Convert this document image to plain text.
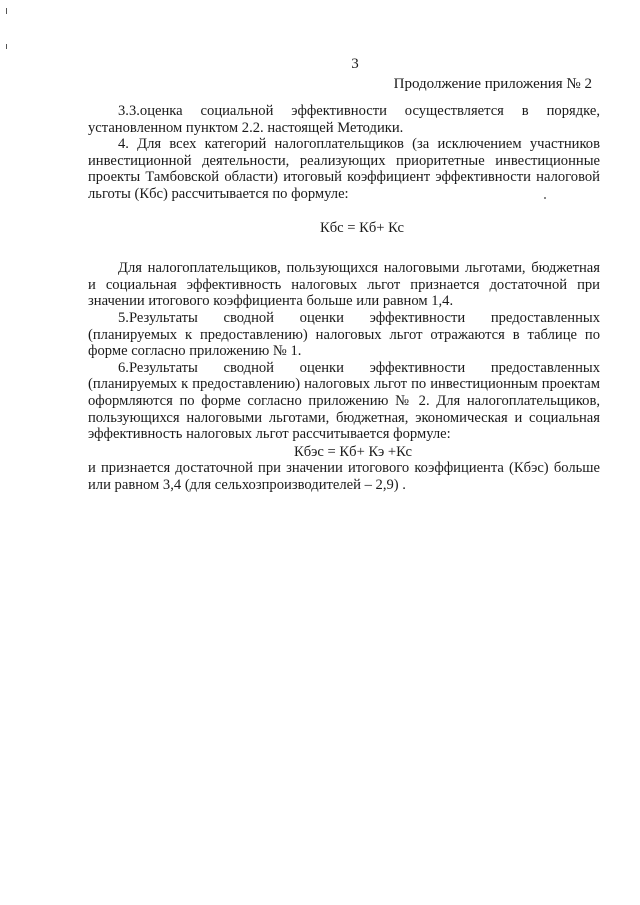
3
Продолжение приложения № 2

3.3.оценка социальной эффективности осуществляется в порядке, установленном пунктом 2.2. настоящей Методики.

4. Для всех категорий налогоплательщиков (за исключением участников инвестиционной деятельности, реализующих приоритетные инвестиционные проекты Тамбовской области) итоговый коэффициент эффективности налоговой льготы (Кбс) рассчитывается по формуле:

Кбс = Кб+ Кс

Для налогоплательщиков, пользующихся налоговыми льготами, бюджетная и социальная эффективность налоговых льгот признается достаточной при значении итогового коэффициента больше или равном 1,4.

5.Результаты сводной оценки эффективности предоставленных (планируемых к предоставлению) налоговых льгот отражаются в таблице по форме согласно приложению № 1.

6.Результаты сводной оценки эффективности предоставленных (планируемых к предоставлению) налоговых льгот по инвестиционным проектам оформляются по форме согласно приложению № 2. Для налогоплательщиков, пользующихся налоговыми льготами, бюджетная, экономическая и социальная эффективность налоговых льгот рассчитывается формуле:

Кбэс = Кб+ Кэ +Кс

и признается достаточной при значении итогового коэффициента (Кбэс) больше или равном 3,4 (для сельхозпроизводителей – 2,9) .
